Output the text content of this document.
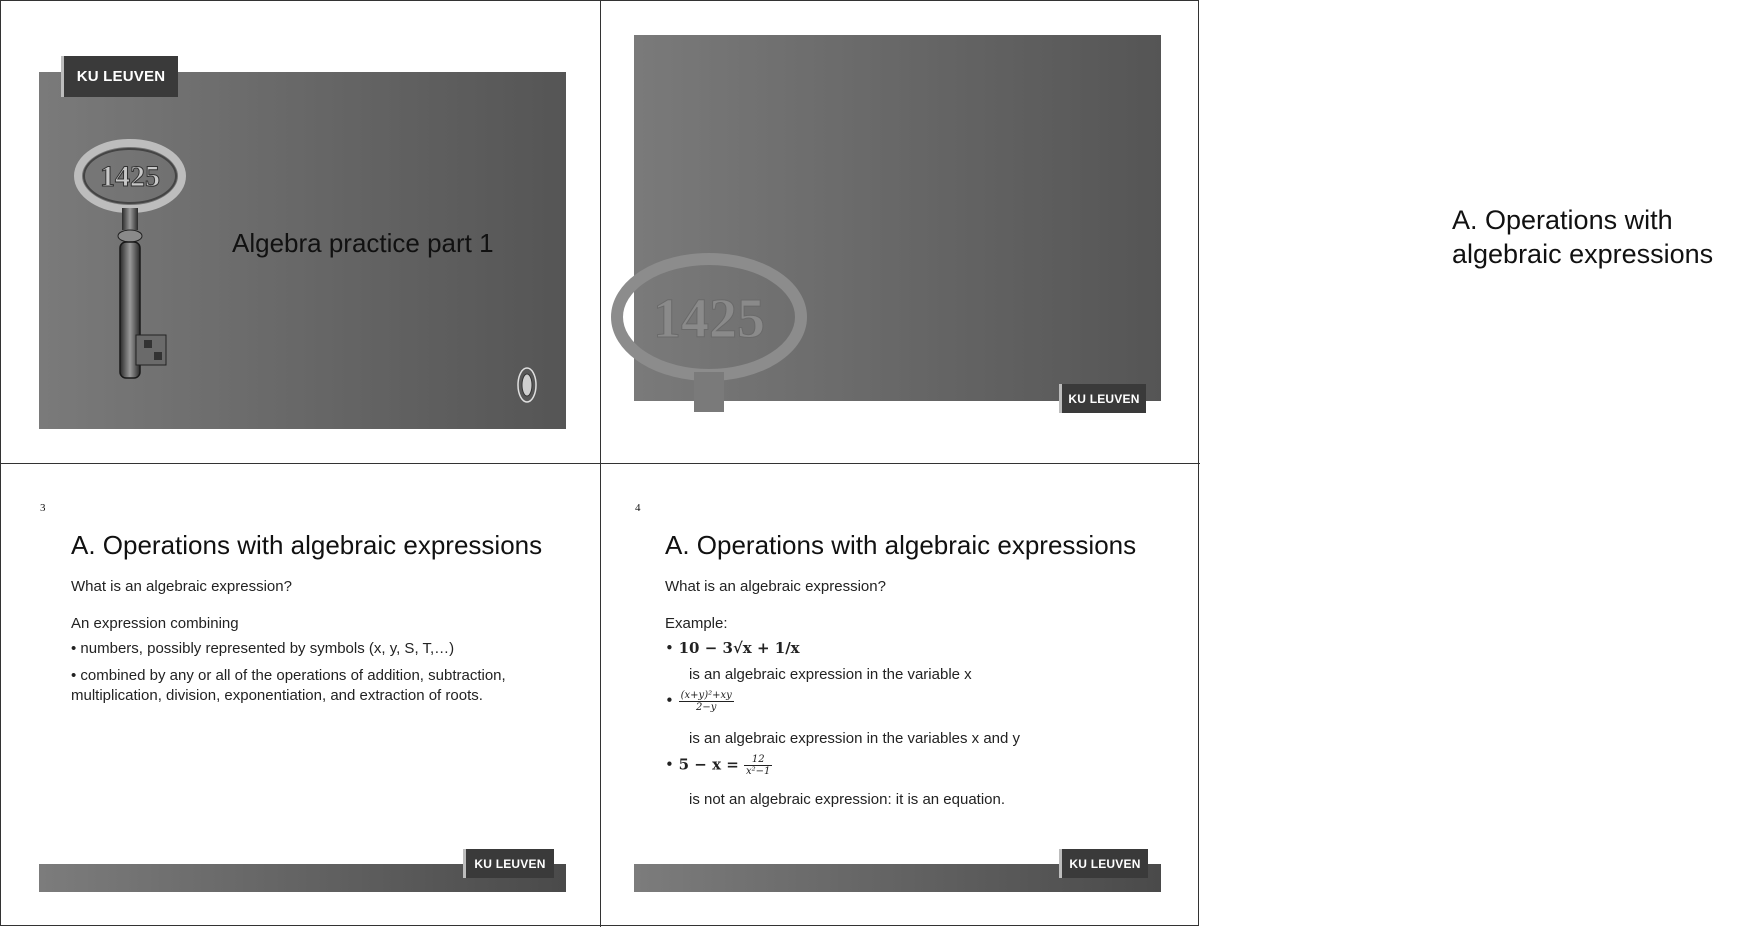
KU LEUVEN
1425
Algebra practice part 1
1425
A. Operations with
algebraic expressions
KU LEUVEN
3
A. Operations with algebraic expressions
What is an algebraic expression?
An expression combining
• numbers, possibly represented by symbols (x, y, S, T,…)
• combined by any or all of the operations of addition, subtraction, multiplication, division, exponentiation, and extraction of roots.
KU LEUVEN
4
A. Operations with algebraic expressions
What is an algebraic expression?
Example:
• 10 − 3√x + 1/x
is an algebraic expression in the variable x
• $\frac{\text{(x+y)²+xy}}{2-y}$
is an algebraic expression in the variables x and y
• $5 - x = \frac{12}{\text{x²−1}}$
is not an algebraic expression: it is an equation.
KU LEUVEN
